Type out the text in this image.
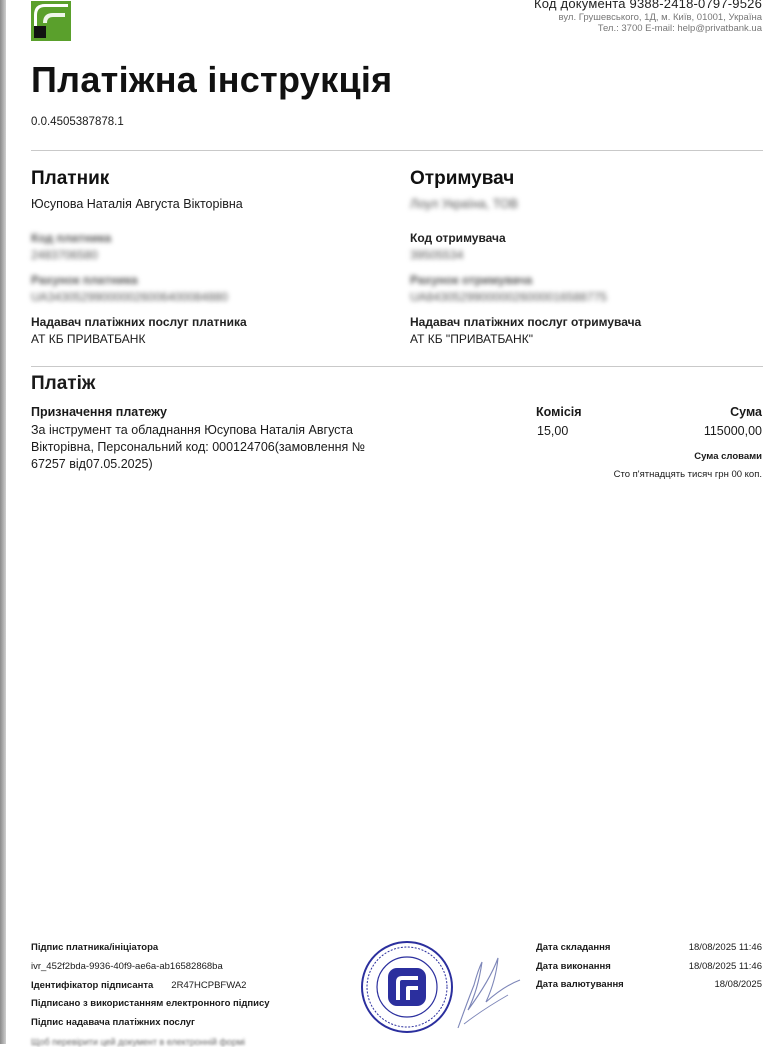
Код документа 9388-2418-0797-9526
вул. Грушевського, 1Д, м. Київ, 01001, Україна
Тел.: 3700 E-mail: help@privatbank.ua
Платіжна інструкція
0.0.4505387878.1
Платник
Юсупова Наталія Августа Вікторівна
Код платника
2483706580
Рахунок платника
UA343052990000026006400084880
Надавач платіжних послуг платника
АТ КБ ПРИВАТБАНК
Отримувач
Лоул Україна, ТОВ
Код отримувача
39505534
Рахунок отримувача
UA843052990000026000016588775
Надавач платіжних послуг отримувача
АТ КБ "ПРИВАТБАНК"
Платіж
Призначення платежу
За інструмент та обладнання Юсупова Наталія Августа Вікторівна, Персональний код: 000124706(замовлення № 67257 від07.05.2025)
Комісія
15,00
Сума
115000,00
Сума словами
Сто п'ятнадцять тисяч грн 00 коп.
Підпис платника/ініціатора
ivr_452f2bda-9936-40f9-ae6a-ab16582868ba
Ідентифікатор підписанта 2R47HCPBFWA2
Підписано з використанням електронного підпису
Підпис надавача платіжних послуг
Дата складання	18/08/2025 11:46
Дата виконання	18/08/2025 11:46
Дата валютування	18/08/2025
Щоб перевірити цей документ в електронній формі
